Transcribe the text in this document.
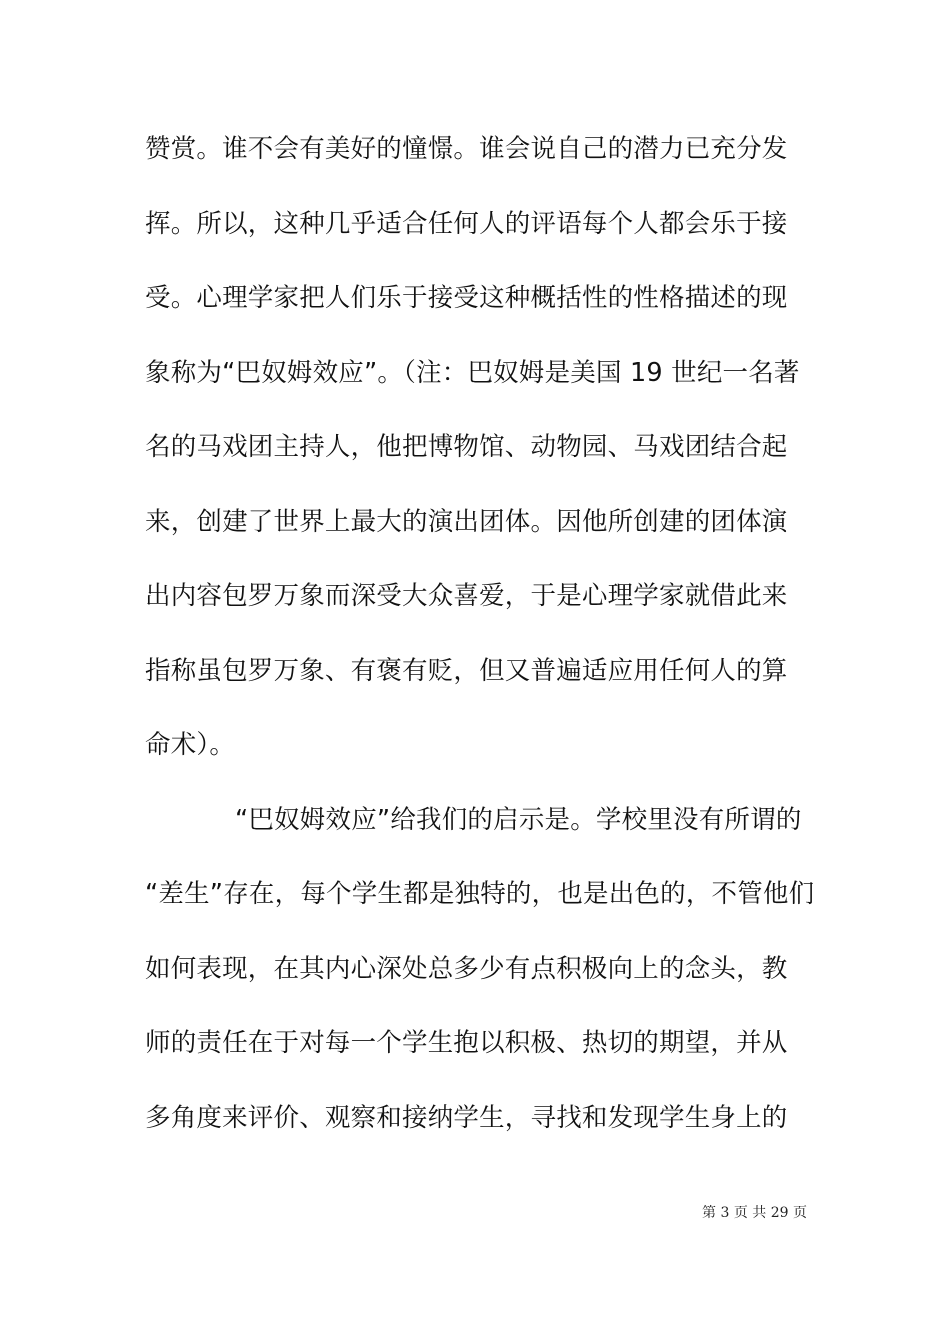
赞赏。谁不会有美好的憧憬。谁会说自己的潜力已充分发
挥。所以，这种几乎适合任何人的评语每个人都会乐于接
受。心理学家把人们乐于接受这种概括性的性格描述的现
象称为“巴奴姆效应”。（注：巴奴姆是美国 19 世纪一名著
名的马戏团主持人，他把博物馆、动物园、马戏团结合起
来，创建了世界上最大的演出团体。因他所创建的团体演
出内容包罗万象而深受大众喜爱，于是心理学家就借此来
指称虽包罗万象、有褒有贬，但又普遍适应用任何人的算
命术）。
“巴奴姆效应”给我们的启示是。学校里没有所谓的
“差生”存在，每个学生都是独特的，也是出色的，不管他们
如何表现，在其内心深处总多少有点积极向上的念头，教
师的责任在于对每一个学生抱以积极、热切的期望，并从
多角度来评价、观察和接纳学生，寻找和发现学生身上的
第 3 页 共 29 页
